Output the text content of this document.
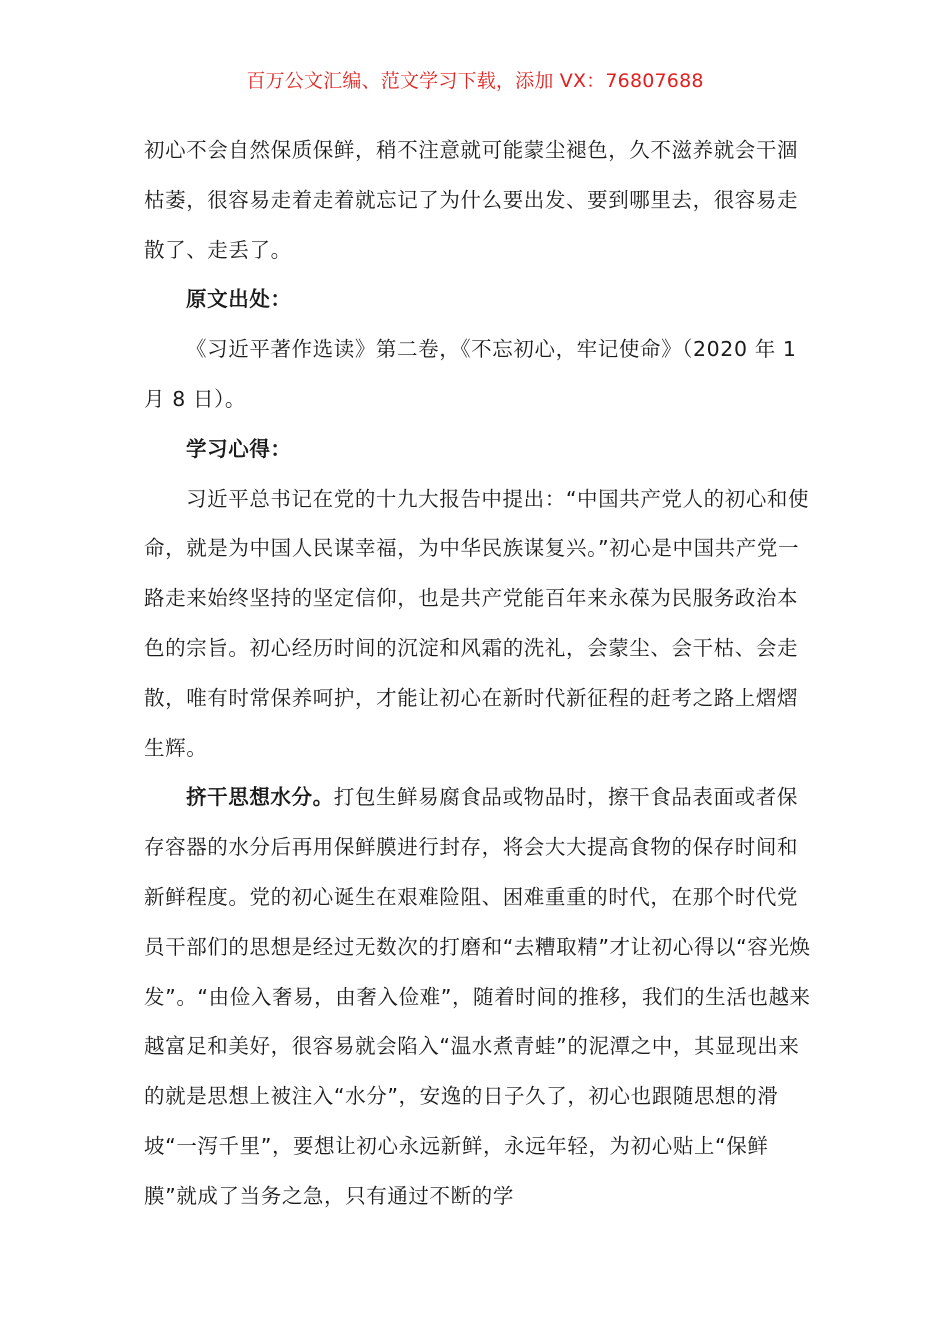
百万公文汇编、范文学习下载，添加 VX：76807688

初心不会自然保质保鲜，稍不注意就可能蒙尘褪色，久不滋养就会干涸枯萎，很容易走着走着就忘记了为什么要出发、要到哪里去，很容易走散了、走丢了。

原文出处：

《习近平著作选读》第二卷，《不忘初心，牢记使命》（2020 年 1 月 8 日）。

学习心得：

习近平总书记在党的十九大报告中提出：“中国共产党人的初心和使命，就是为中国人民谋幸福，为中华民族谋复兴。”初心是中国共产党一路走来始终坚持的坚定信仰，也是共产党能百年来永葆为民服务政治本色的宗旨。初心经历时间的沉淀和风霜的洗礼，会蒙尘、会干枯、会走散，唯有时常保养呵护，才能让初心在新时代新征程的赶考之路上熠熠生辉。

挤干思想水分。打包生鲜易腐食品或物品时，擦干食品表面或者保存容器的水分后再用保鲜膜进行封存，将会大大提高食物的保存时间和新鲜程度。党的初心诞生在艰难险阻、困难重重的时代，在那个时代党员干部们的思想是经过无数次的打磨和“去糟取精”才让初心得以“容光焕发”。“由俭入奢易，由奢入俭难”，随着时间的推移，我们的生活也越来越富足和美好，很容易就会陷入“温水煮青蛙”的泥潭之中，其显现出来的就是思想上被注入“水分”，安逸的日子久了，初心也跟随思想的滑坡“一泻千里”，要想让初心永远新鲜，永远年轻，为初心贴上“保鲜膜”就成了当务之急，只有通过不断的学
